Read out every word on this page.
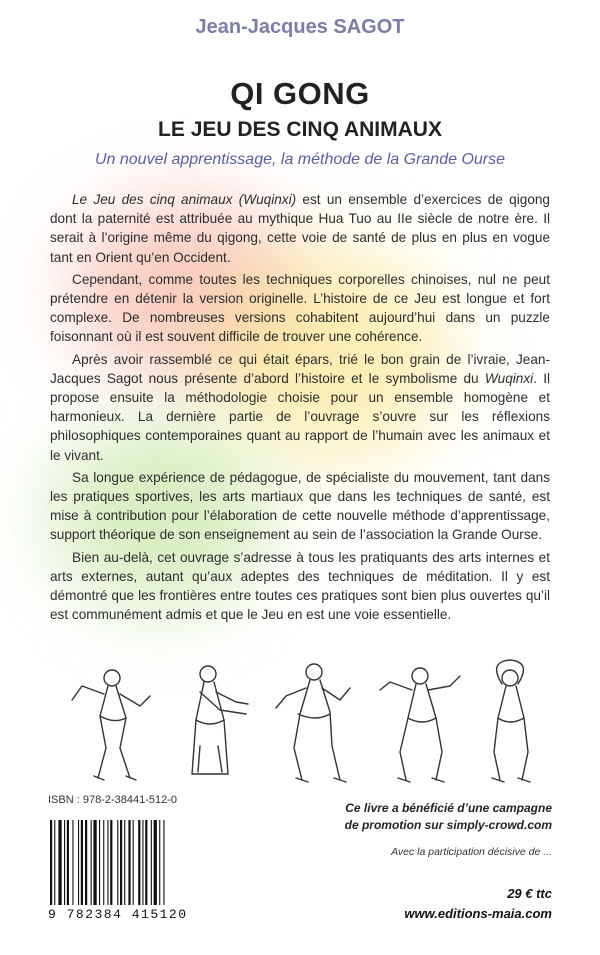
Jean-Jacques SAGOT
QI GONG
LE JEU DES CINQ ANIMAUX
Un nouvel apprentissage, la méthode de la Grande Ourse

Le Jeu des cinq animaux (Wuqinxi) est un ensemble d’exercices de qigong dont la paternité est attribuée au mythique Hua Tuo au IIe siècle de notre ère. Il serait à l’origine même du qigong, cette voie de santé de plus en plus en vogue tant en Orient qu’en Occident.

Cependant, comme toutes les techniques corporelles chinoises, nul ne peut prétendre en détenir la version originelle. L’histoire de ce Jeu est longue et fort complexe. De nombreuses versions cohabitent aujourd’hui dans un puzzle foisonnant où il est souvent difficile de trouver une cohérence.

Après avoir rassemblé ce qui était épars, trié le bon grain de l’ivraie, Jean-Jacques Sagot nous présente d’abord l’histoire et le symbolisme du Wuqinxi. Il propose ensuite la méthodologie choisie pour un ensemble homogène et harmonieux. La dernière partie de l’ouvrage s’ouvre sur les réflexions philosophiques contemporaines quant au rapport de l’humain avec les animaux et le vivant.

Sa longue expérience de pédagogue, de spécialiste du mouvement, tant dans les pratiques sportives, les arts martiaux que dans les techniques de santé, est mise à contribution pour l’élaboration de cette nouvelle méthode d’apprentissage, support théorique de son enseignement au sein de l’association la Grande Ourse.

Bien au-delà, cet ouvrage s’adresse à tous les pratiquants des arts internes et arts externes, autant qu’aux adeptes des techniques de méditation. Il y est démontré que les frontières entre toutes ces pratiques sont bien plus ouvertes qu’il est communément admis et que le Jeu en est une voie essentielle.

ISBN : 978-2-38441-512-0
9 782384 415120
Ce livre a bénéficié d’une campagne
de promotion sur simply-crowd.com
Avec la participation décisive de ...
29 € ttc
www.editions-maia.com
